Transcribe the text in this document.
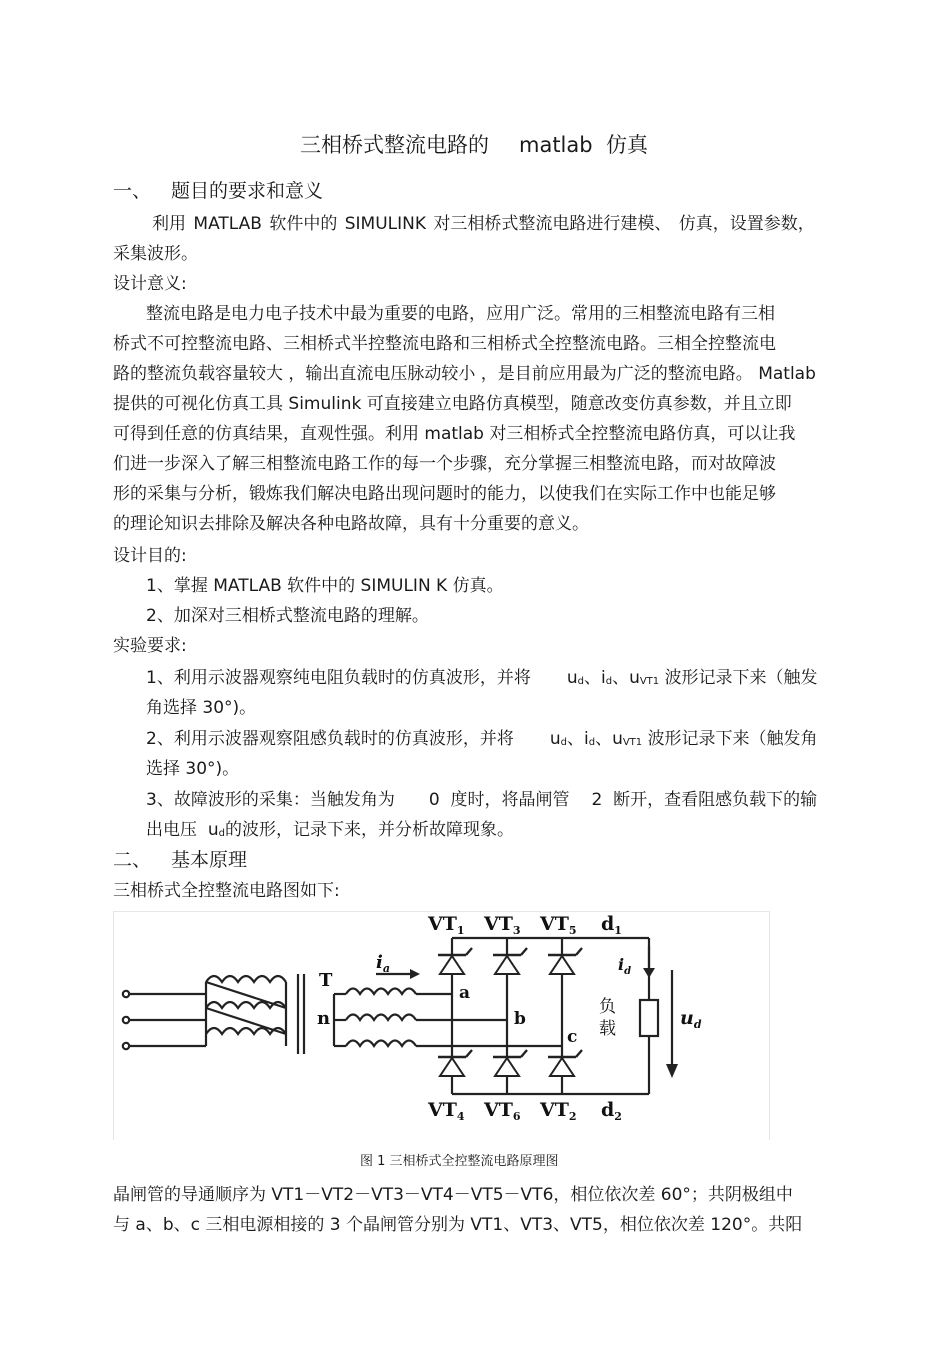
三相桥式整流电路的 matlab 仿真
一、 题目的要求和意义
利用 MATLAB 软件中的 SIMULINK 对三相桥式整流电路进行建模、 仿真，设置参数，
采集波形。
设计意义:
整流电路是电力电子技术中最为重要的电路，应用广泛。常用的三相整流电路有三相
桥式不可控整流电路、三相桥式半控整流电路和三相桥式全控整流电路。三相全控整流电
路的整流负载容量较大 ，输出直流电压脉动较小 ，是目前应用最为广泛的整流电路。 Matlab
提供的可视化仿真工具 Simulink 可直接建立电路仿真模型，随意改变仿真参数，并且立即
可得到任意的仿真结果，直观性强。利用 matlab 对三相桥式全控整流电路仿真，可以让我
们进一步深入了解三相整流电路工作的每一个步骤，充分掌握三相整流电路，而对故障波
形的采集与分析，锻炼我们解决电路出现问题时的能力，以使我们在实际工作中也能足够
的理论知识去排除及解决各种电路故障，具有十分重要的意义。
设计目的:
1、掌握 MATLAB 软件中的 SIMULIN K 仿真。
2、加深对三相桥式整流电路的理解。
实验要求:
1、利用示波器观察纯电阻负载时的仿真波形，并将 $u_d$、$i_d$、$u_{VT1}$ 波形记录下来（触发
角选择 30°)。
2、利用示波器观察阻感负载时的仿真波形，并将 $u_d$、$i_d$、$u_{VT1}$ 波形记录下来（触发角
选择 30°)。
3、故障波形的采集：当触发角为 0 度时，将晶闸管 2 断开，查看阻感负载下的输
出电压 $u_d$的波形，记录下来，并分析故障现象。
二、 基本原理
三相桥式全控整流电路图如下:
$VT_1$ $VT_3$ $VT_5$ $d_1$
$VT_4$ $VT_6$ $VT_2$ $d_2$
T
n
a
b
c
$i_a$	$i_d$
$u_d$
负
载
图 1 三相桥式全控整流电路原理图
晶闸管的导通顺序为 VT1－VT2－VT3－VT4－VT5－VT6，相位依次差 60°；共阴极组中
与 a、b、c 三相电源相接的 3 个晶闸管分别为 VT1、VT3、VT5，相位依次差 120°。共阳
